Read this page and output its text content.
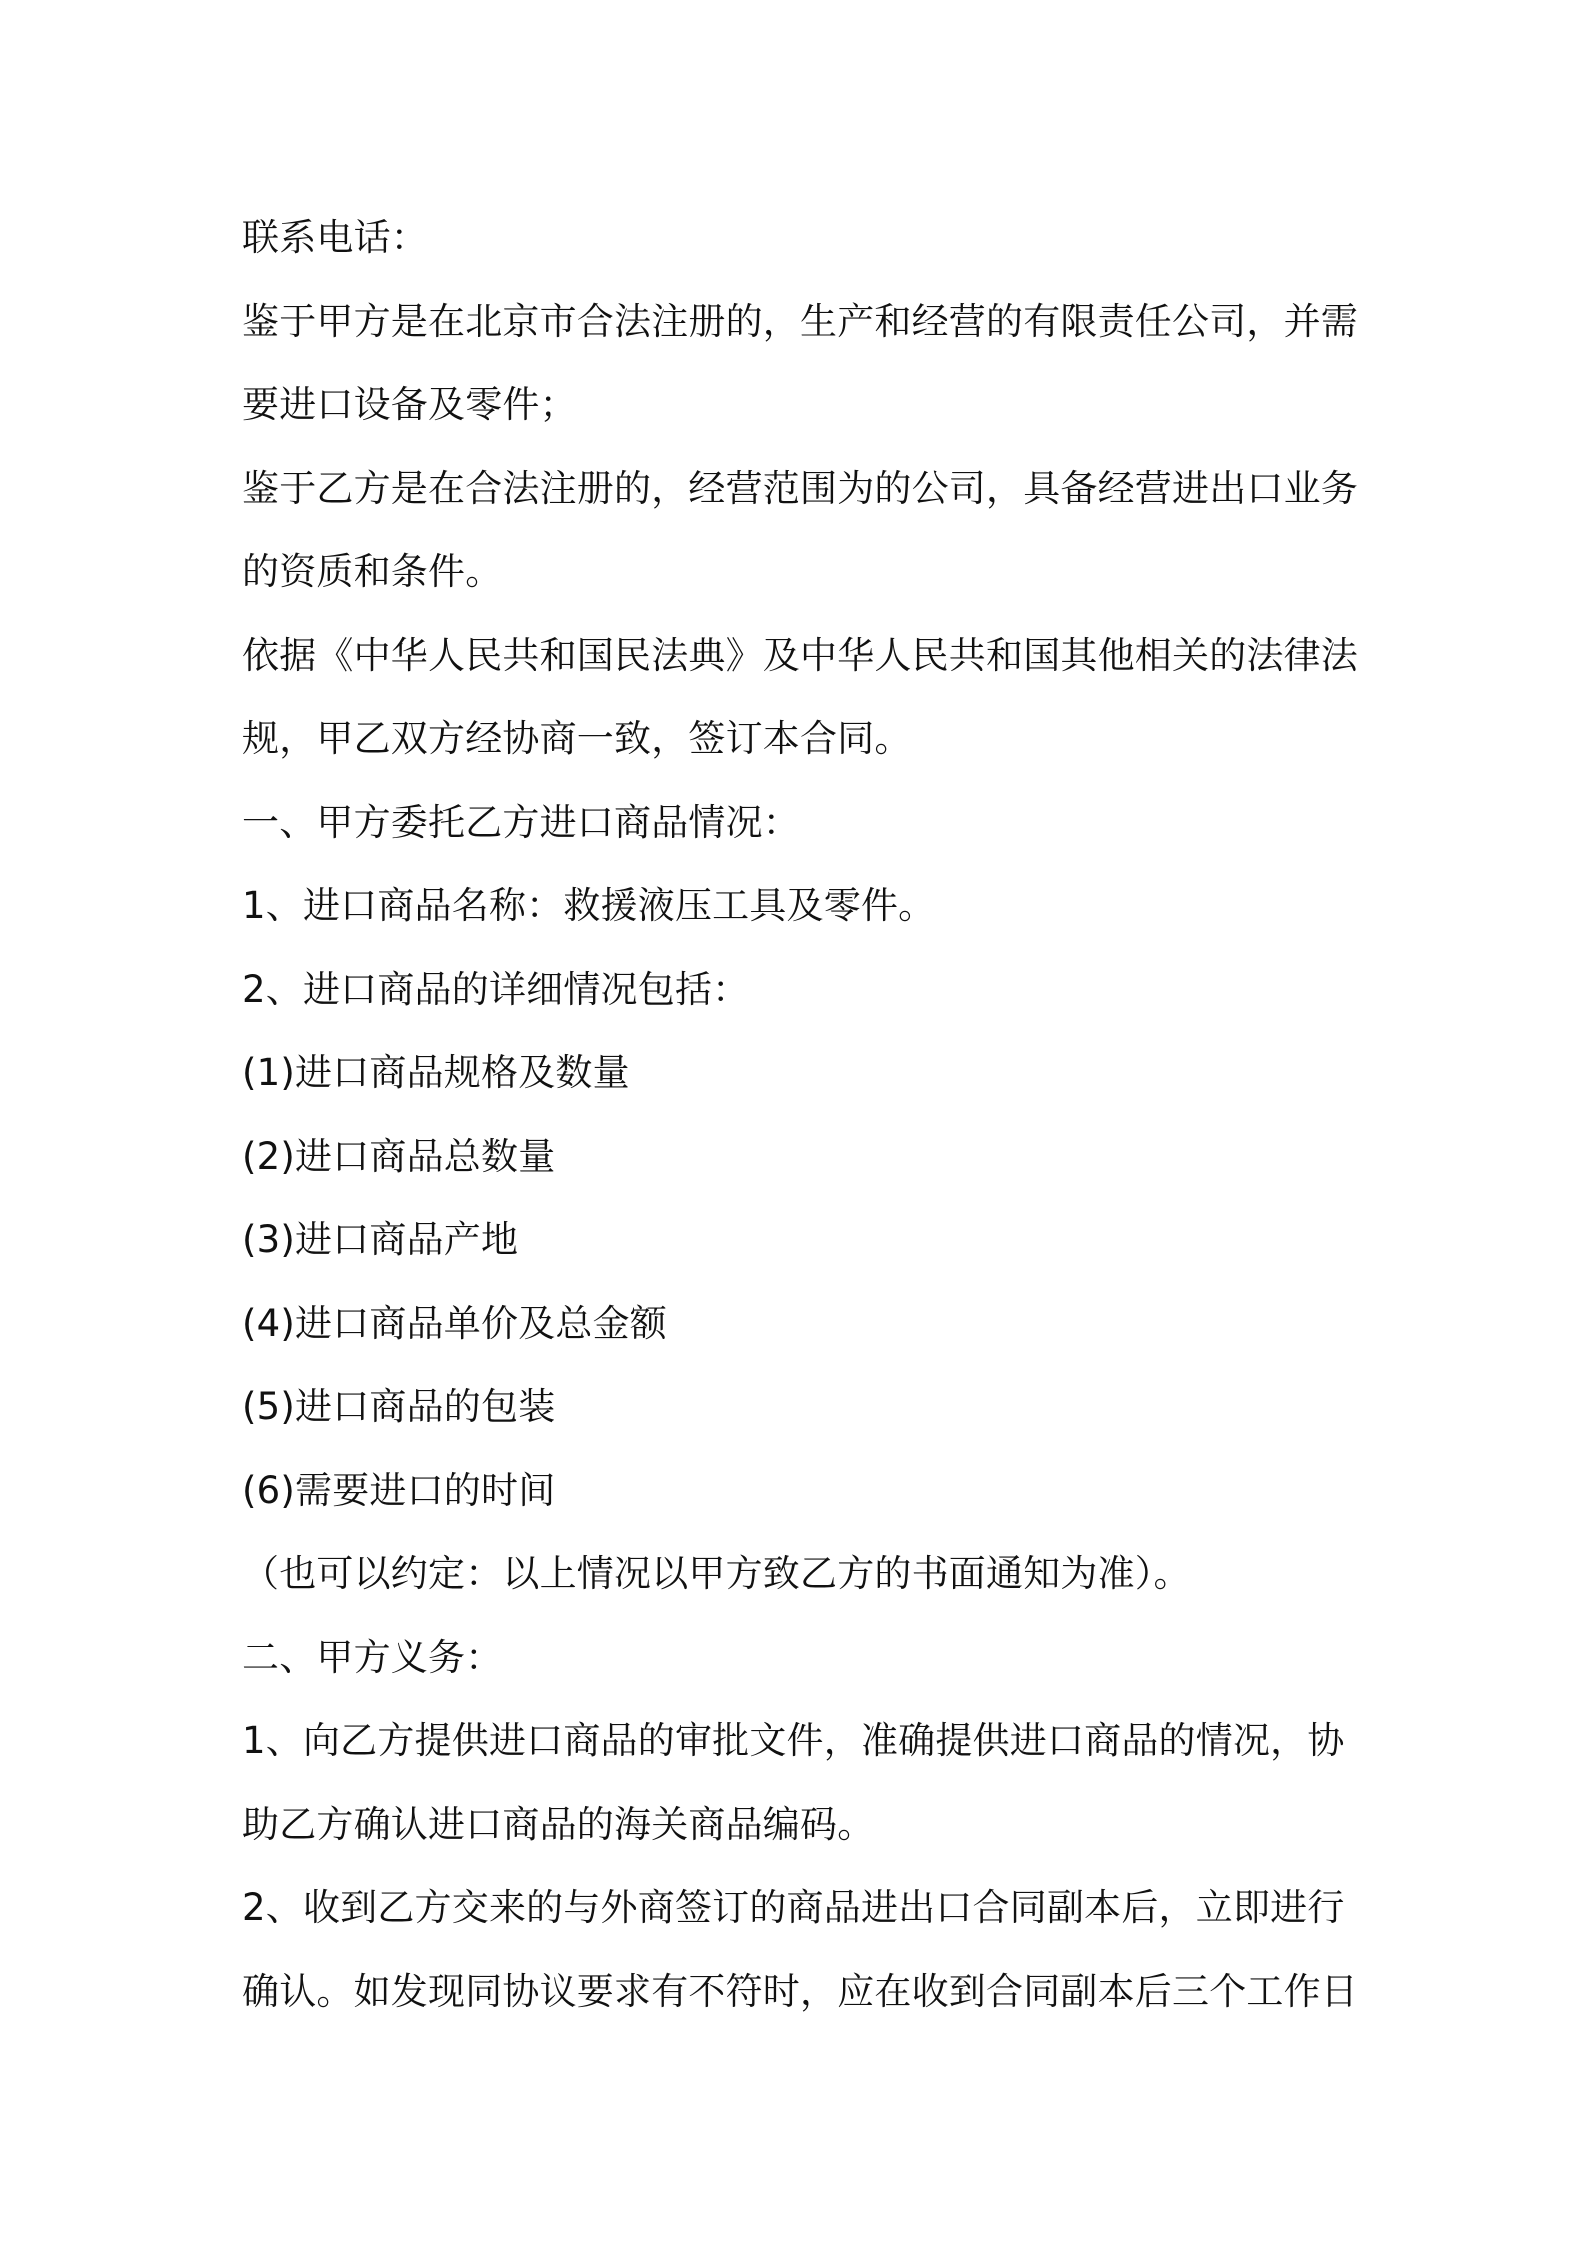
联系电话：
鉴于甲方是在北京市合法注册的，生产和经营的有限责任公司，并需
要进口设备及零件；
鉴于乙方是在合法注册的，经营范围为的公司，具备经营进出口业务
的资质和条件。
依据《中华人民共和国民法典》及中华人民共和国其他相关的法律法
规，甲乙双方经协商一致，签订本合同。
一、甲方委托乙方进口商品情况：
1、进口商品名称：救援液压工具及零件。
2、进口商品的详细情况包括：
(1)进口商品规格及数量
(2)进口商品总数量
(3)进口商品产地
(4)进口商品单价及总金额
(5)进口商品的包装
(6)需要进口的时间
（也可以约定：以上情况以甲方致乙方的书面通知为准）。
二、甲方义务：
1、向乙方提供进口商品的审批文件，准确提供进口商品的情况，协
助乙方确认进口商品的海关商品编码。
2、收到乙方交来的与外商签订的商品进出口合同副本后，立即进行
确认。如发现同协议要求有不符时，应在收到合同副本后三个工作日
